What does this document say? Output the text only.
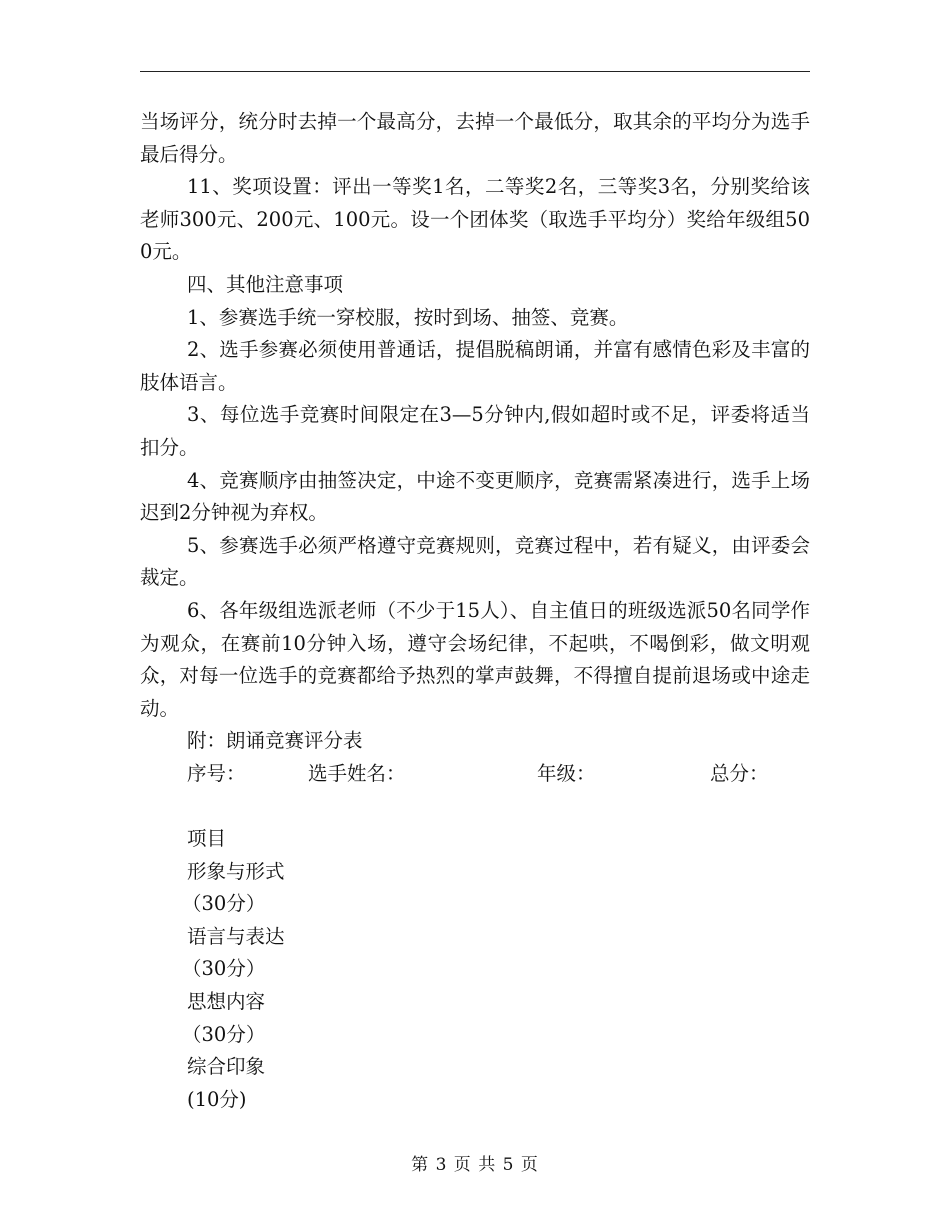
当场评分，统分时去掉一个最高分，去掉一个最低分，取其余的平均分为选手最后得分。

11、奖项设置：评出一等奖1名，二等奖2名，三等奖3名，分别奖给该老师300元、200元、100元。设一个团体奖（取选手平均分）奖给年级组500元。

四、其他注意事项

1、参赛选手统一穿校服，按时到场、抽签、竞赛。

2、选手参赛必须使用普通话，提倡脱稿朗诵，并富有感情色彩及丰富的肢体语言。

3、每位选手竞赛时间限定在3—5分钟内,假如超时或不足，评委将适当扣分。

4、竞赛顺序由抽签决定，中途不变更顺序，竞赛需紧凑进行，选手上场迟到2分钟视为弃权。

5、参赛选手必须严格遵守竞赛规则，竞赛过程中，若有疑义，由评委会裁定。

6、各年级组选派老师（不少于15人）、自主值日的班级选派50名同学作为观众，在赛前10分钟入场，遵守会场纪律，不起哄，不喝倒彩，做文明观众，对每一位选手的竞赛都给予热烈的掌声鼓舞，不得擅自提前退场或中途走动。

附：朗诵竞赛评分表

序号：	选手姓名：	年级：	总分：

项目

形象与形式

（30分）

语言与表达

（30分）

思想内容

（30分）

综合印象

(10分)

第 3 页 共 5 页
